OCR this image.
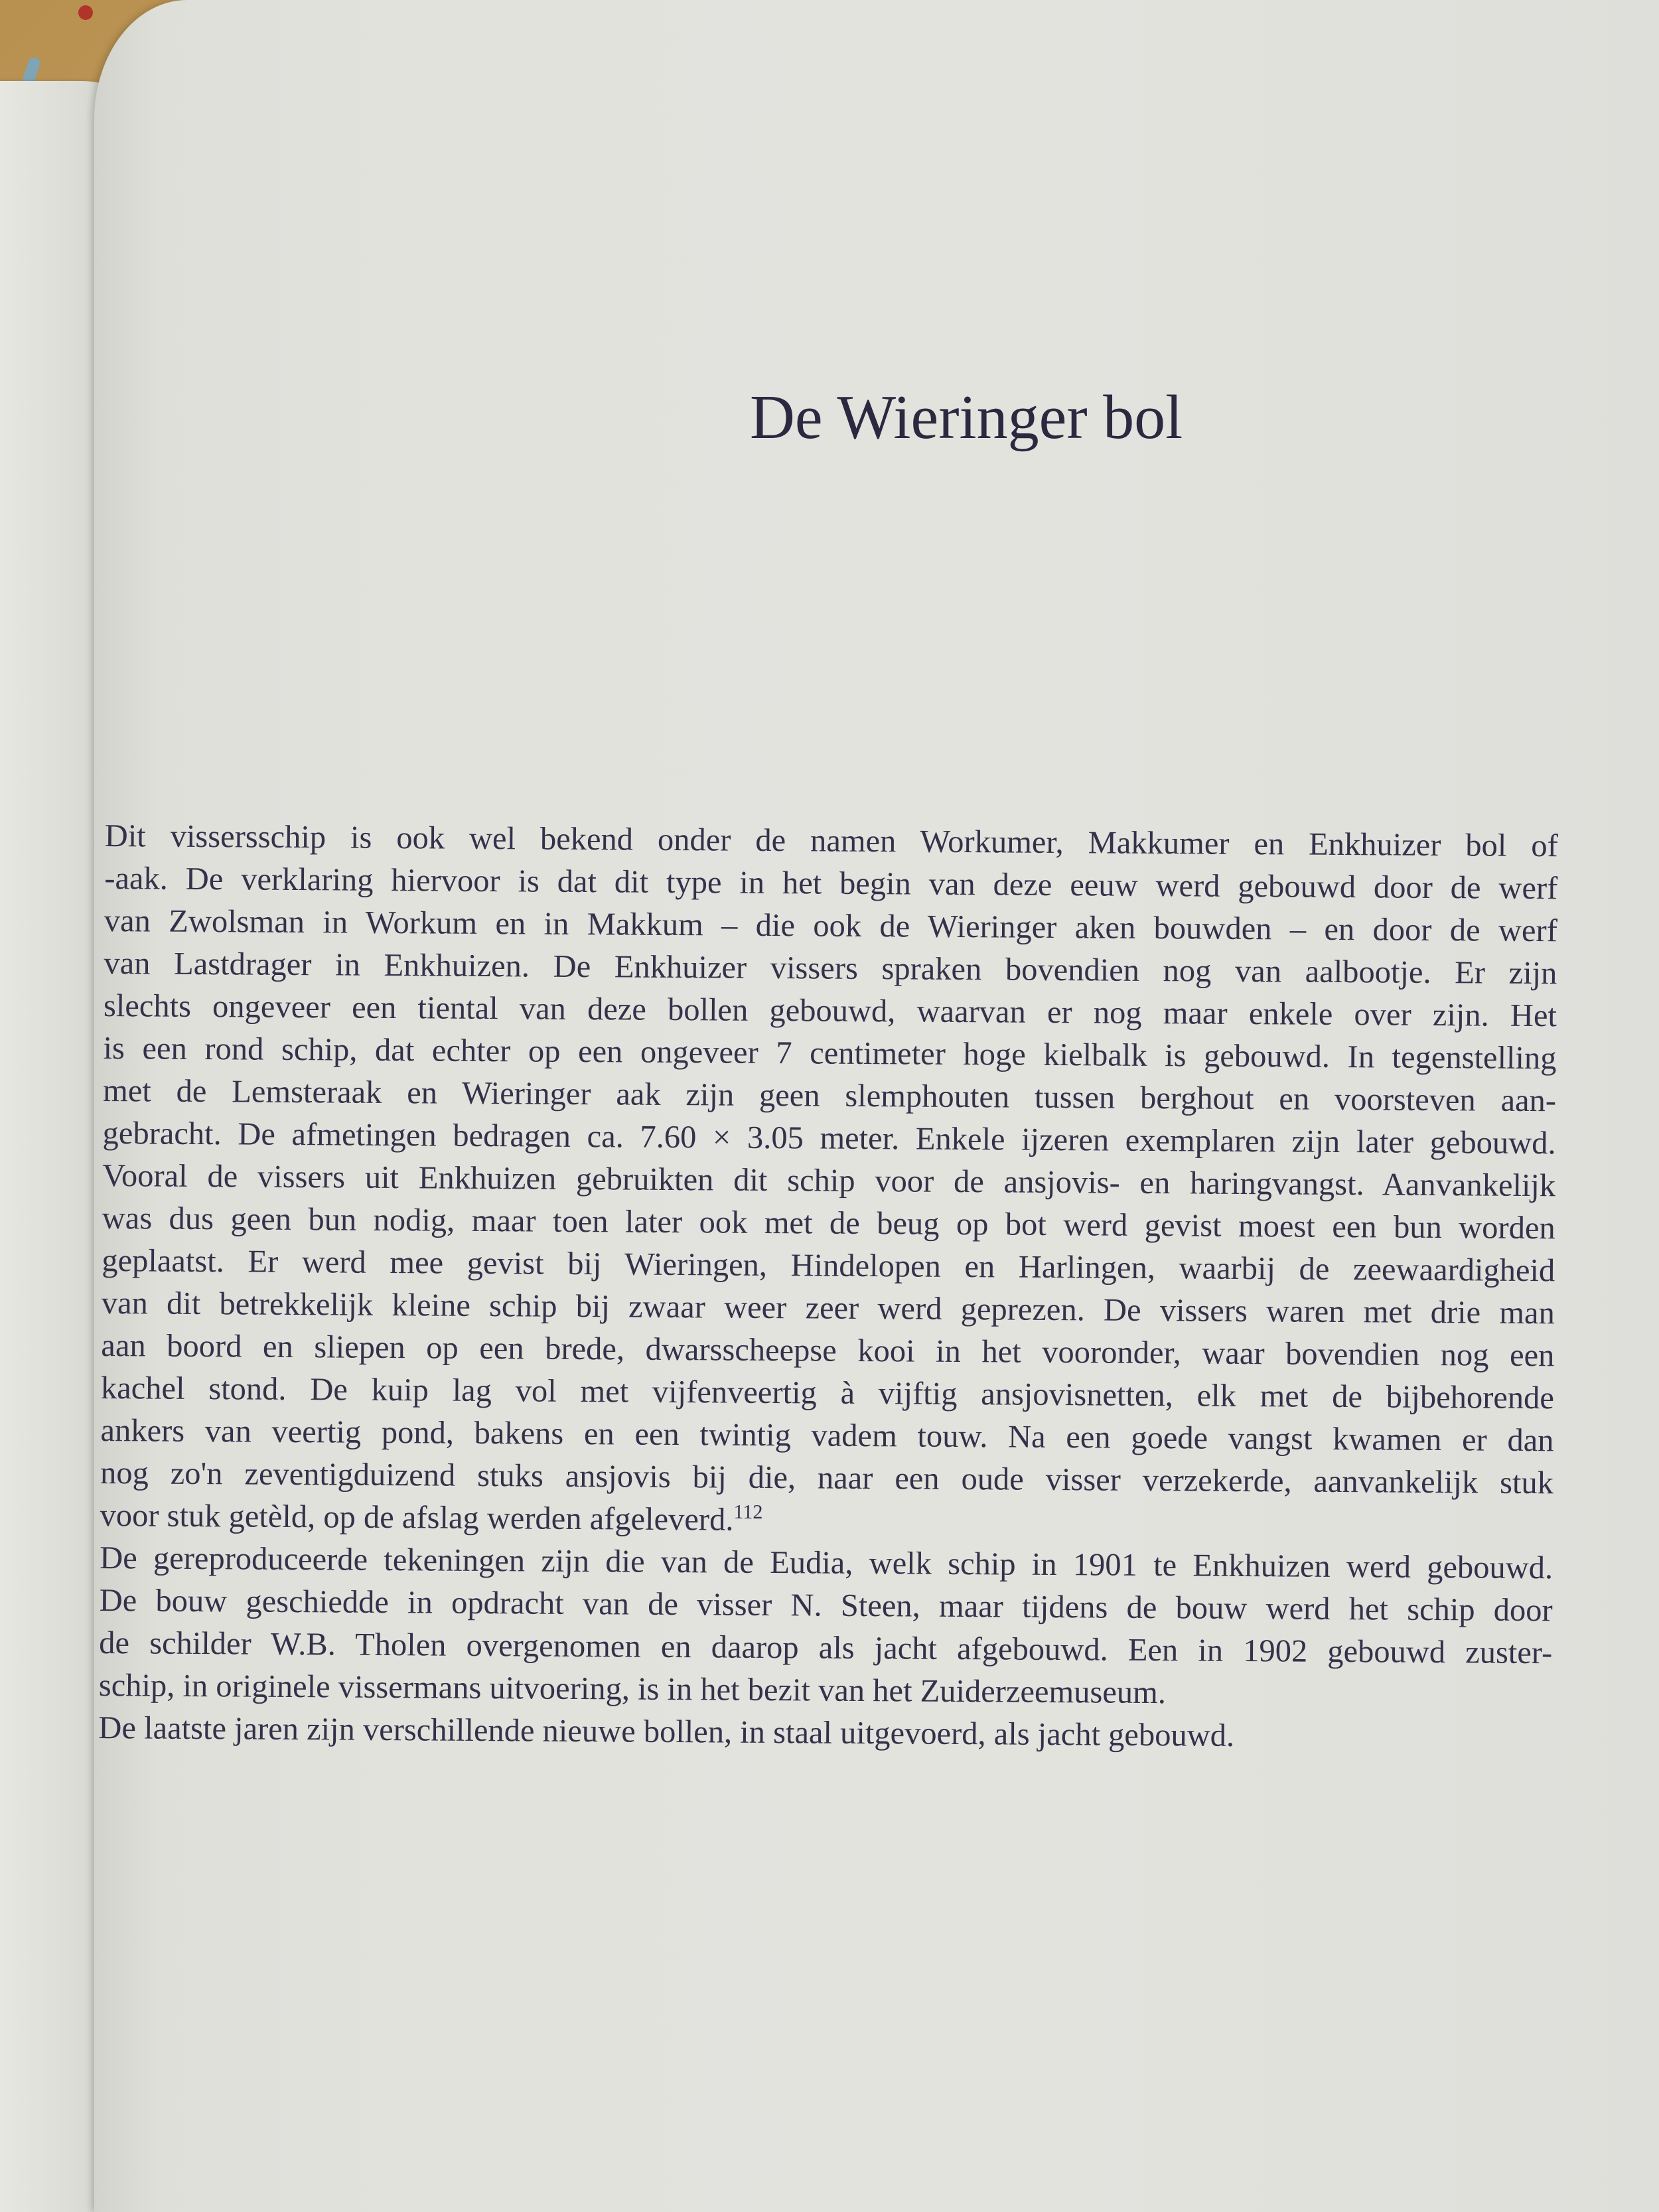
De Wieringer bol
Dit vissersschip is ook wel bekend onder de namen Workumer, Makkumer en Enkhuizer bol of
-aak. De verklaring hiervoor is dat dit type in het begin van deze eeuw werd gebouwd door de werf
van Zwolsman in Workum en in Makkum – die ook de Wieringer aken bouwden – en door de werf
van Lastdrager in Enkhuizen. De Enkhuizer vissers spraken bovendien nog van aalbootje. Er zijn
slechts ongeveer een tiental van deze bollen gebouwd, waarvan er nog maar enkele over zijn. Het
is een rond schip, dat echter op een ongeveer 7 centimeter hoge kielbalk is gebouwd. In tegenstelling
met de Lemsteraak en Wieringer aak zijn geen slemphouten tussen berghout en voorsteven aan-
gebracht. De afmetingen bedragen ca. 7.60 × 3.05 meter. Enkele ijzeren exemplaren zijn later gebouwd.
Vooral de vissers uit Enkhuizen gebruikten dit schip voor de ansjovis- en haringvangst. Aanvankelijk
was dus geen bun nodig, maar toen later ook met de beug op bot werd gevist moest een bun worden
geplaatst. Er werd mee gevist bij Wieringen, Hindelopen en Harlingen, waarbij de zeewaardigheid
van dit betrekkelijk kleine schip bij zwaar weer zeer werd geprezen. De vissers waren met drie man
aan boord en sliepen op een brede, dwarsscheepse kooi in het vooronder, waar bovendien nog een
kachel stond. De kuip lag vol met vijfenveertig à vijftig ansjovisnetten, elk met de bijbehorende
ankers van veertig pond, bakens en een twintig vadem touw. Na een goede vangst kwamen er dan
nog zo'n zeventigduizend stuks ansjovis bij die, naar een oude visser verzekerde, aanvankelijk stuk
voor stuk getèld, op de afslag werden afgeleverd.$^{112}$
De gereproduceerde tekeningen zijn die van de Eudia, welk schip in 1901 te Enkhuizen werd gebouwd.
De bouw geschiedde in opdracht van de visser N. Steen, maar tijdens de bouw werd het schip door
de schilder W.B. Tholen overgenomen en daarop als jacht afgebouwd. Een in 1902 gebouwd zuster-
schip, in originele vissermans uitvoering, is in het bezit van het Zuiderzeemuseum.
De laatste jaren zijn verschillende nieuwe bollen, in staal uitgevoerd, als jacht gebouwd.
